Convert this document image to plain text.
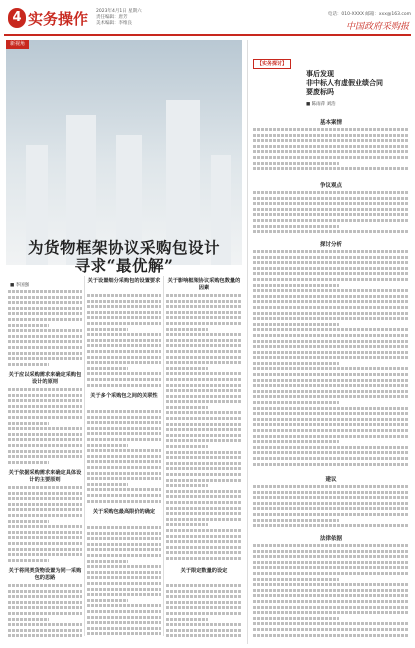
4 实务操作 2023年4月1日 星期六
责任编辑：唐芳
美术编辑：李维良
电话：010-XXXX 邮箱：xxx@163.com
中国政府采购报
新视角
为货物框架协议采购包设计
寻求“最优解”
■ 李国强
关于应以采购需求来确定采购包设计的原则
关于依据采购需求来确定具体设计的主要原则
关于将同类货物设置为同一采购包的思路
关于设置细分采购包的设置要求
关于多个采购包之间的关联性
关于采购包最高限价的确定
关于影响框架协议采购包数量的因素
关于限定数量的设定
【实务探讨】
事后发现
非中标人有虚假业绩合同
要废标吗
■ 陈雨萍 刘浩
基本案情
争议观点
探讨分析
建议
法律依据
